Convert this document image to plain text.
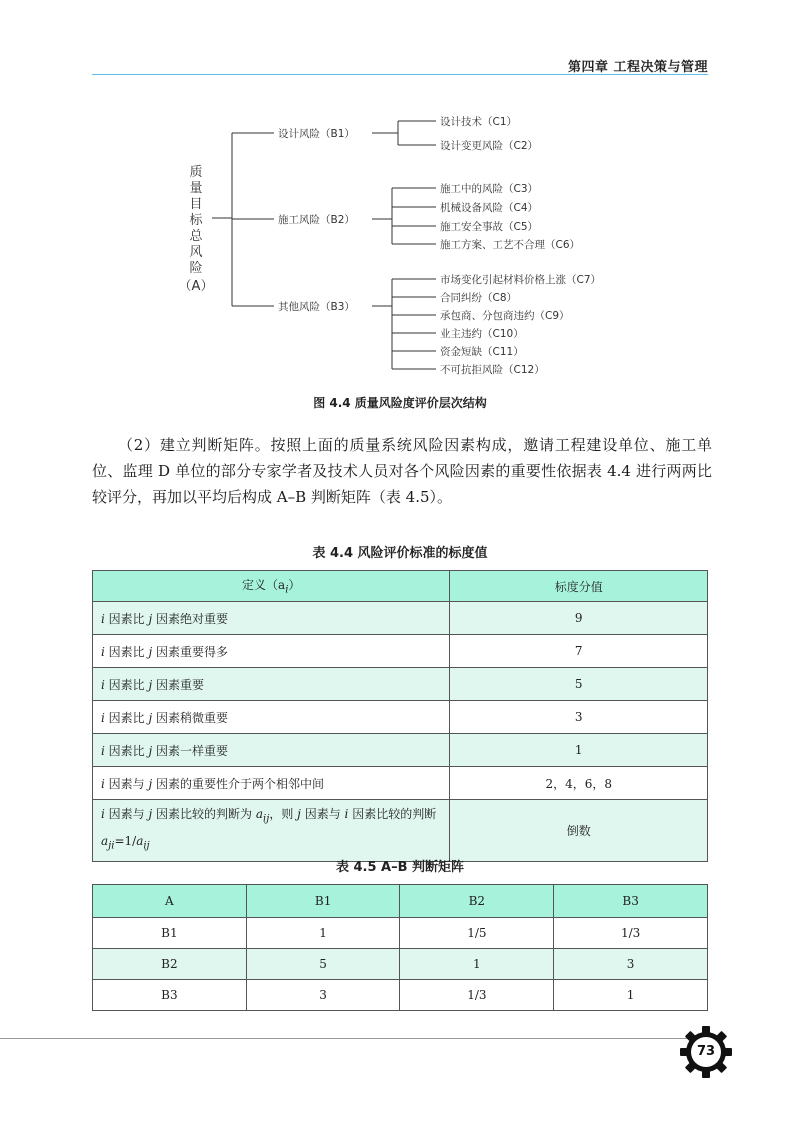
第四章 工程决策与管理
质
量
目
标
总
风
险
（A）
设计风险（B1）
施工风险（B2）
其他风险（B3）
设计技术（C1）
设计变更风险（C2）
施工中的风险（C3）
机械设备风险（C4）
施工安全事故（C5）
施工方案、工艺不合理（C6）
市场变化引起材料价格上涨（C7）
合同纠纷（C8）
承包商、分包商违约（C9）
业主违约（C10）
资金短缺（C11）
不可抗拒风险（C12）
图 4.4 质量风险度评价层次结构
（2）建立判断矩阵。按照上面的质量系统风险因素构成，邀请工程建设单位、施工单位、监理 D 单位的部分专家学者及技术人员对各个风险因素的重要性依据表 4.4 进行两两比较评分，再加以平均后构成 A–B 判断矩阵（表 4.5）。
表 4.4 风险评价标准的标度值
定义$(a_i)$	标度分值
i 因素比 j 因素绝对重要	9
i 因素比 j 因素重要得多	7
i 因素比 j 因素重要	5
i 因素比 j 因素稍微重要	3
i 因素比 j 因素一样重要	1
i 因素与 j 因素的重要性介于两个相邻中间	2，4，6，8
i 因素与 j 因素比较的判断为 $a_{ij}$，则 j 因素与 i 因素比较的判断 $a_{ji}=1/a_{ij}$	倒数
表 4.5 A–B 判断矩阵
A	B1	B2	B3
B1	1	1/5	1/3
B2	5	1	3
B3	3	1/3	1
73
